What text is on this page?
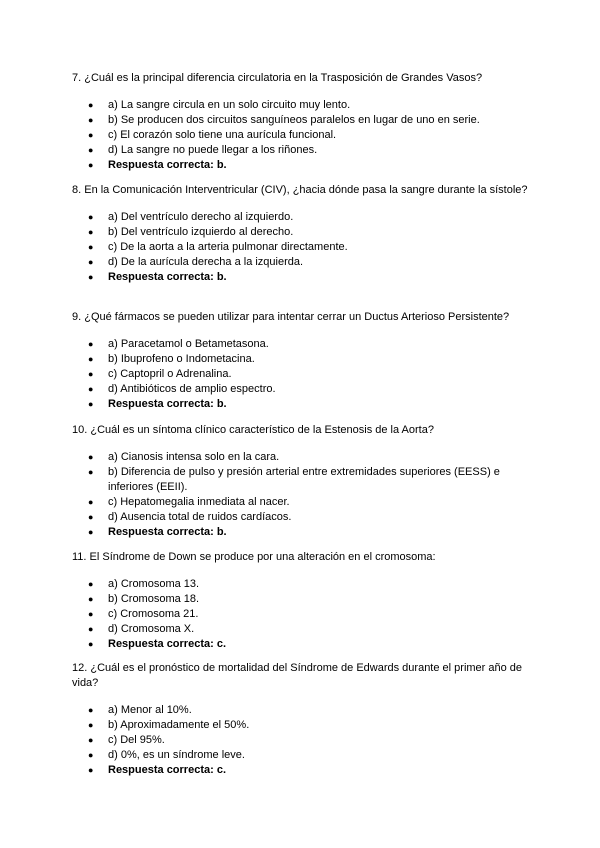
7. ¿Cuál es la principal diferencia circulatoria en la Trasposición de Grandes Vasos?

● a) La sangre circula en un solo circuito muy lento.
● b) Se producen dos circuitos sanguíneos paralelos en lugar de uno en serie.
● c) El corazón solo tiene una aurícula funcional.
● d) La sangre no puede llegar a los riñones.
● Respuesta correcta: b.

8. En la Comunicación Interventricular (CIV), ¿hacia dónde pasa la sangre durante la sístole?

● a) Del ventrículo derecho al izquierdo.
● b) Del ventrículo izquierdo al derecho.
● c) De la aorta a la arteria pulmonar directamente.
● d) De la aurícula derecha a la izquierda.
● Respuesta correcta: b.

9. ¿Qué fármacos se pueden utilizar para intentar cerrar un Ductus Arterioso Persistente?

● a) Paracetamol o Betametasona.
● b) Ibuprofeno o Indometacina.
● c) Captopril o Adrenalina.
● d) Antibióticos de amplio espectro.
● Respuesta correcta: b.

10. ¿Cuál es un síntoma clínico característico de la Estenosis de la Aorta?

● a) Cianosis intensa solo en la cara.
● b) Diferencia de pulso y presión arterial entre extremidades superiores (EESS) e inferiores (EEII).
● c) Hepatomegalia inmediata al nacer.
● d) Ausencia total de ruidos cardíacos.
● Respuesta correcta: b.

11. El Síndrome de Down se produce por una alteración en el cromosoma:

● a) Cromosoma 13.
● b) Cromosoma 18.
● c) Cromosoma 21.
● d) Cromosoma X.
● Respuesta correcta: c.

12. ¿Cuál es el pronóstico de mortalidad del Síndrome de Edwards durante el primer año de vida?

● a) Menor al 10%.
● b) Aproximadamente el 50%.
● c) Del 95%.
● d) 0%, es un síndrome leve.
● Respuesta correcta: c.
